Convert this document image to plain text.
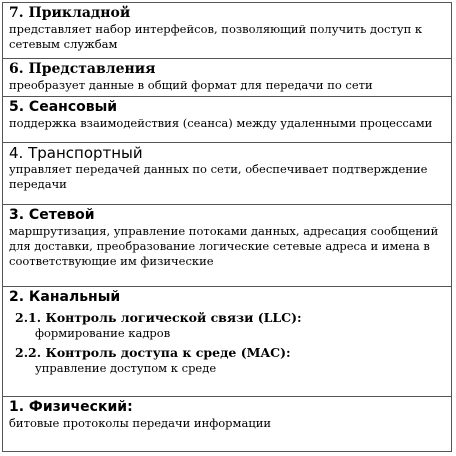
7. Прикладной
представляет набор интерфейсов, позволяющий получить доступ к сетевым службам
6. Представления
преобразует данные в общий формат для передачи по сети
5. Сеансовый
поддержка взаимодействия (сеанса) между удаленными процессами
4. Транспортный
управляет передачей данных по сети, обеспечивает подтверждение передачи
3. Сетевой
маршрутизация, управление потоками данных, адресация сообщений для доставки, преобразование логические сетевые адреса и имена в соответствующие им физические
2. Канальный
2.1. Контроль логической связи (LLC):
формирование кадров
2.2. Контроль доступа к среде (MAC):
управление доступом к среде
1. Физический:
битовые протоколы передачи информации
